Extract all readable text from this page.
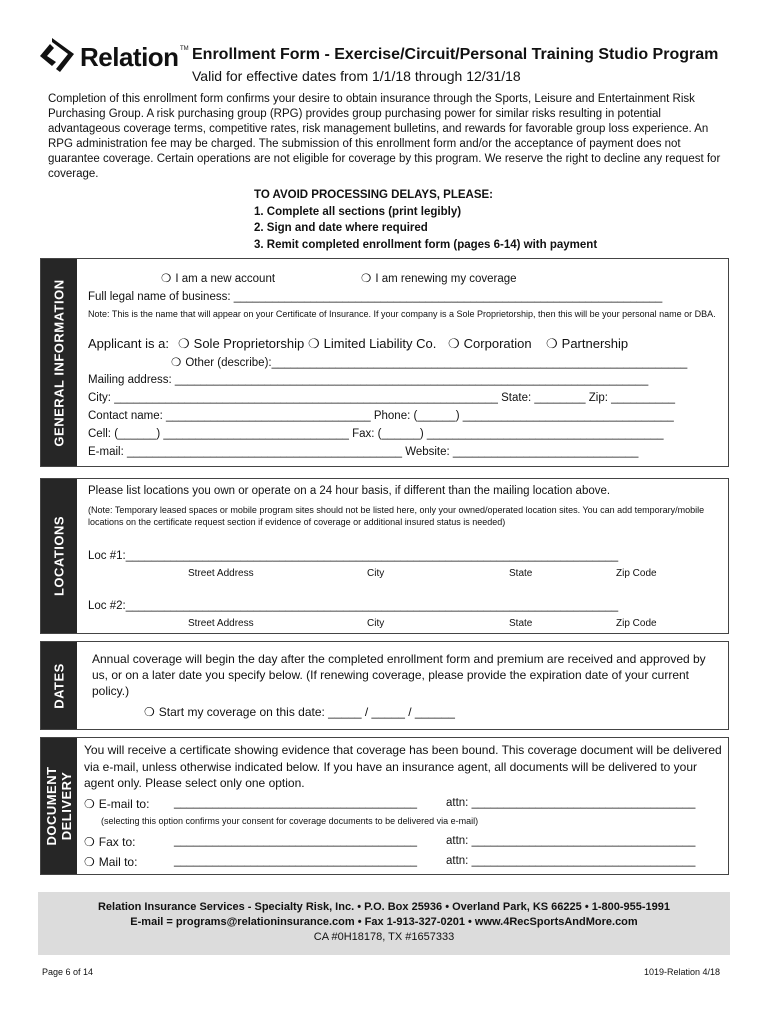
Relation TM Enrollment Form - Exercise/Circuit/Personal Training Studio Program
Valid for effective dates from 1/1/18 through 12/31/18
Completion of this enrollment form confirms your desire to obtain insurance through the Sports, Leisure and Entertainment Risk Purchasing Group. A risk purchasing group (RPG) provides group purchasing power for similar risks resulting in potential advantageous coverage terms, competitive rates, risk management bulletins, and rewards for favorable group loss experience. An RPG administration fee may be charged. The submission of this enrollment form and/or the acceptance of payment does not guarantee coverage. Certain operations are not eligible for coverage by this program. We reserve the right to decline any request for coverage.
TO AVOID PROCESSING DELAYS, PLEASE:
1. Complete all sections (print legibly)
2. Sign and date where required
3. Remit completed enrollment form (pages 6-14) with payment
GENERAL INFORMATION	❍ I am a new account	❍ I am renewing my coverage
Full legal name of business: ___________________________________________________________________
Note: This is the name that will appear on your Certificate of Insurance. If your company is a Sole Proprietorship, then this will be your personal name or DBA.
Applicant is a:	❍ Sole Proprietorship	❍ Limited Liability Co.	❍ Corporation	❍ Partnership
❍ Other (describe):_________________________________________________________________
Mailing address: __________________________________________________________________________
City: ____________________________________________________________ State: ________ Zip: __________
Contact name: ________________________________ Phone: (______) _________________________________
Cell: (______) _____________________________ Fax: (______) _____________________________________
E-mail: ___________________________________________ Website: _____________________________
LOCATIONS
Please list locations you own or operate on a 24 hour basis, if different than the mailing location above.
(Note: Temporary leased spaces or mobile program sites should not be listed here, only your owned/operated location sites. You can add temporary/mobile locations on the certificate request section if evidence of coverage or additional insured status is needed)
Loc #1:_____________________________________________________________________________
Street Address	City	State	Zip Code
Loc #2:_____________________________________________________________________________
Street Address	City	State	Zip Code
DATES
Annual coverage will begin the day after the completed enrollment form and premium are received and approved by us, or on a later date you specify below. (If renewing coverage, please provide the expiration date of your current policy.)
❍ Start my coverage on this date: _____ / _____ / ______
DOCUMENT DELIVERY
You will receive a certificate showing evidence that coverage has been bound. This coverage document will be delivered via e-mail, unless otherwise indicated below. If you have an insurance agent, all documents will be delivered to your agent only. Please select only one option.
❍ E-mail to: ______________________________________	attn: ___________________________________
(selecting this option confirms your consent for coverage documents to be delivered via e-mail)
❍ Fax to:	______________________________________	attn: ___________________________________
❍ Mail to:	______________________________________	attn: ___________________________________
Relation Insurance Services - Specialty Risk, Inc. • P.O. Box 25936 • Overland Park, KS 66225 • 1-800-955-1991
E-mail = programs@relationinsurance.com • Fax 1-913-327-0201 • www.4RecSportsAndMore.com
CA #0H18178, TX #1657333
Page 6 of 14	1019-Relation 4/18
